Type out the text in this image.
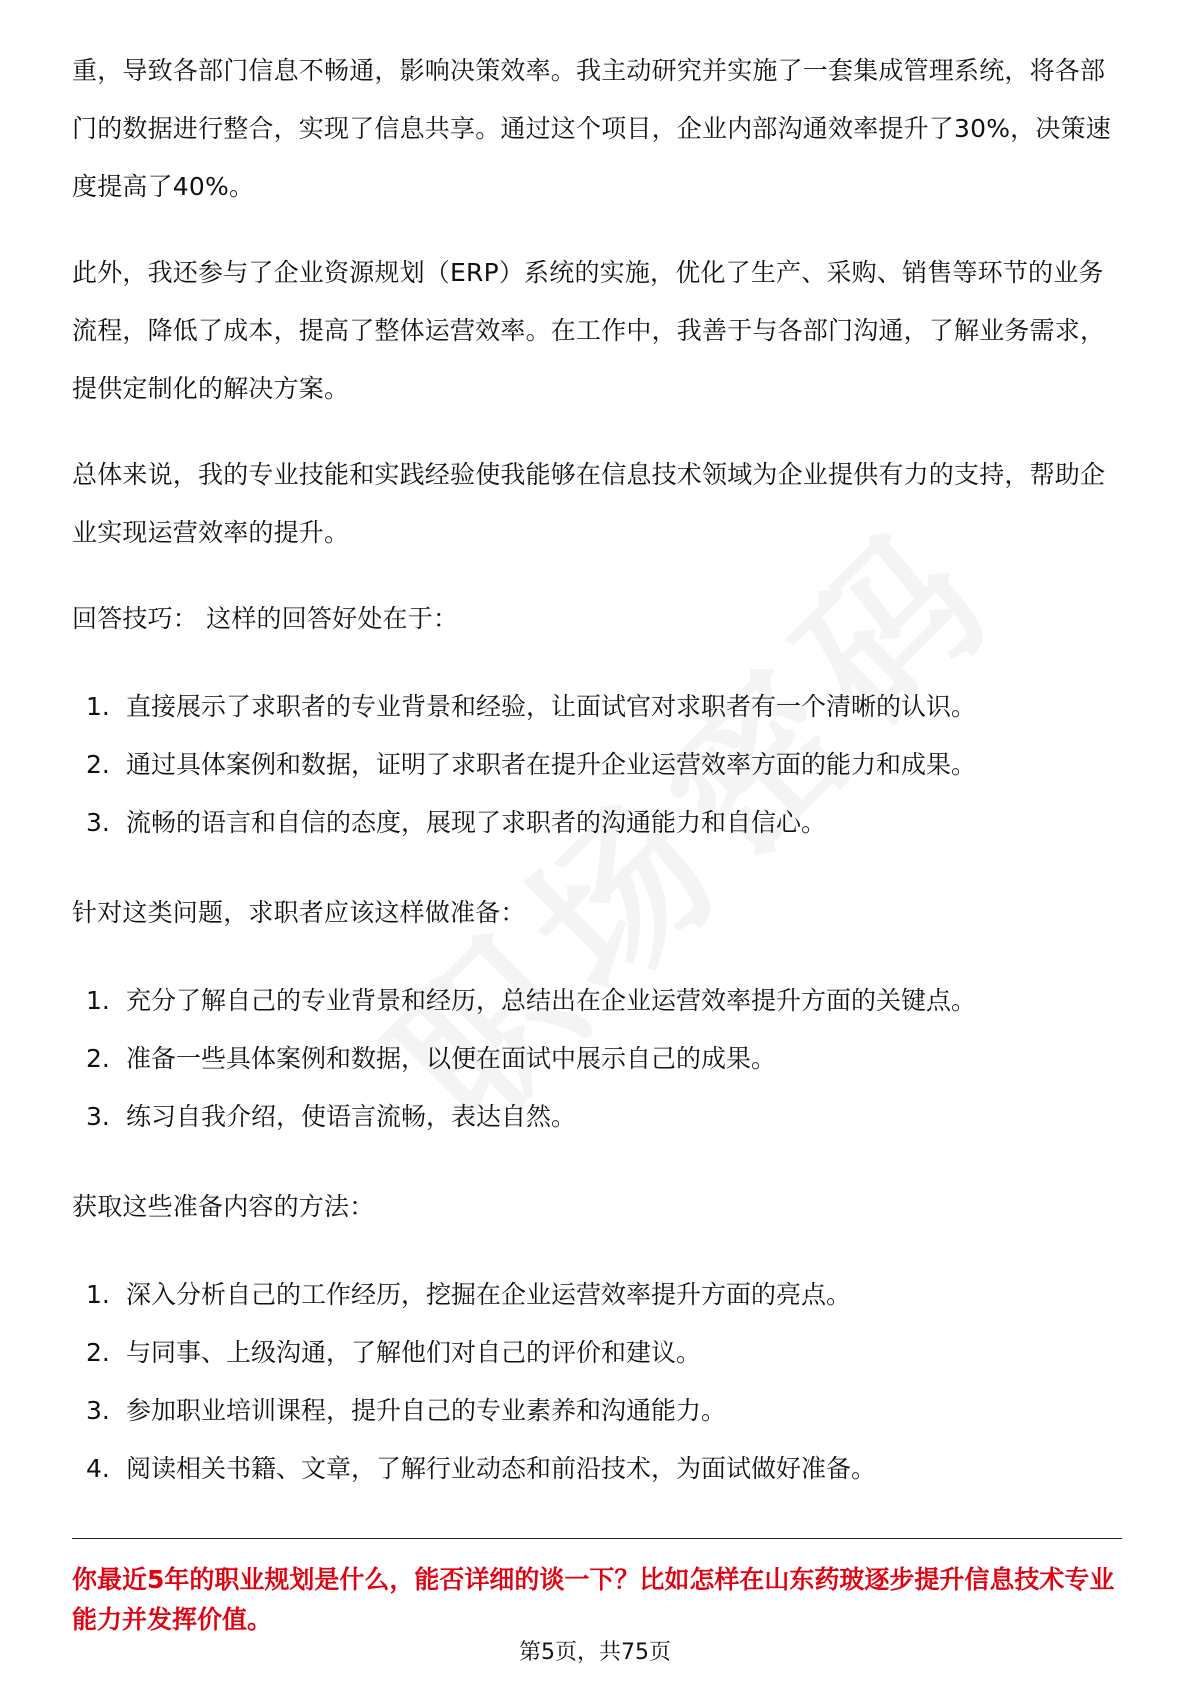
重，导致各部门信息不畅通，影响决策效率。我主动研究并实施了一套集成管理系统，将各部门的数据进行整合，实现了信息共享。通过这个项目，企业内部沟通效率提升了30%，决策速度提高了40%。

此外，我还参与了企业资源规划（ERP）系统的实施，优化了生产、采购、销售等环节的业务流程，降低了成本，提高了整体运营效率。在工作中，我善于与各部门沟通，了解业务需求，提供定制化的解决方案。

总体来说，我的专业技能和实践经验使我能够在信息技术领域为企业提供有力的支持，帮助企业实现运营效率的提升。

回答技巧： 这样的回答好处在于：

1. 直接展示了求职者的专业背景和经验，让面试官对求职者有一个清晰的认识。
2. 通过具体案例和数据，证明了求职者在提升企业运营效率方面的能力和成果。
3. 流畅的语言和自信的态度，展现了求职者的沟通能力和自信心。

针对这类问题，求职者应该这样做准备：

1. 充分了解自己的专业背景和经历，总结出在企业运营效率提升方面的关键点。
2. 准备一些具体案例和数据，以便在面试中展示自己的成果。
3. 练习自我介绍，使语言流畅，表达自然。

获取这些准备内容的方法：

1. 深入分析自己的工作经历，挖掘在企业运营效率提升方面的亮点。
2. 与同事、上级沟通，了解他们对自己的评价和建议。
3. 参加职业培训课程，提升自己的专业素养和沟通能力。
4. 阅读相关书籍、文章，了解行业动态和前沿技术，为面试做好准备。
你最近5年的职业规划是什么，能否详细的谈一下？比如怎样在山东药玻逐步提升信息技术专业能力并发挥价值。
第5页，共75页
